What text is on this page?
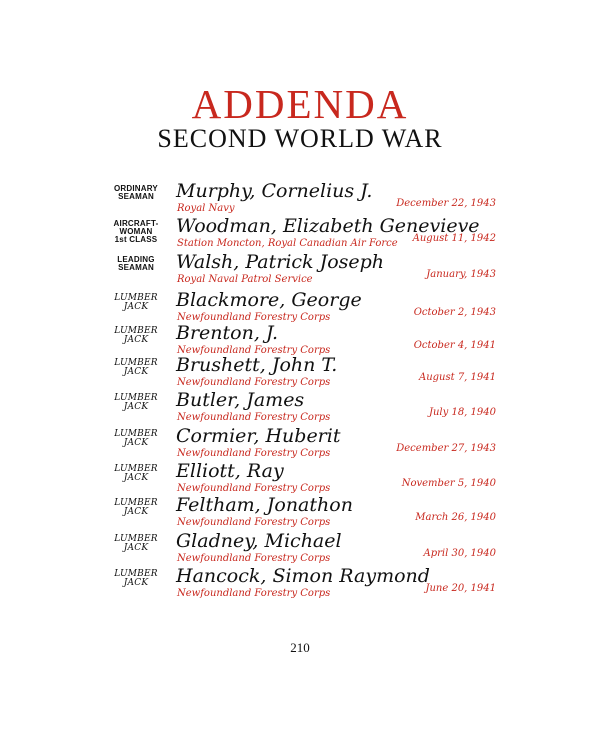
ADDENDA
SECOND WORLD WAR
ORDINARY
SEAMAN	Murphy, Cornelius J.
Royal Navy	December 22, 1943
AIRCRAFT-
WOMAN
1st CLASS
Woodman, Elizabeth Genevieve
Station Moncton, Royal Canadian Air Force August 11, 1942
LEADING
SEAMAN	Walsh, Patrick Joseph
Royal Naval Patrol Service	January, 1943
LUMBER
JACK	Blackmore, George
Newfoundland Forestry Corps	October 2, 1943
LUMBER
JACK	Brenton, J.
Newfoundland Forestry Corps	October 4, 1941
LUMBER
JACK	Brushett, John T.
Newfoundland Forestry Corps	August 7, 1941
LUMBER
JACK	Butler, James
Newfoundland Forestry Corps	July 18, 1940
LUMBER
JACK	Cormier, Huberit
Newfoundland Forestry Corps	December 27, 1943
LUMBER
JACK	Elliott, Ray
Newfoundland Forestry Corps	November 5, 1940
LUMBER
JACK	Feltham, Jonathon
Newfoundland Forestry Corps	March 26, 1940
LUMBER
JACK	Gladney, Michael
Newfoundland Forestry Corps	April 30, 1940
LUMBER
JACK	Hancock, Simon Raymond
Newfoundland Forestry Corps	June 20, 1941
210
